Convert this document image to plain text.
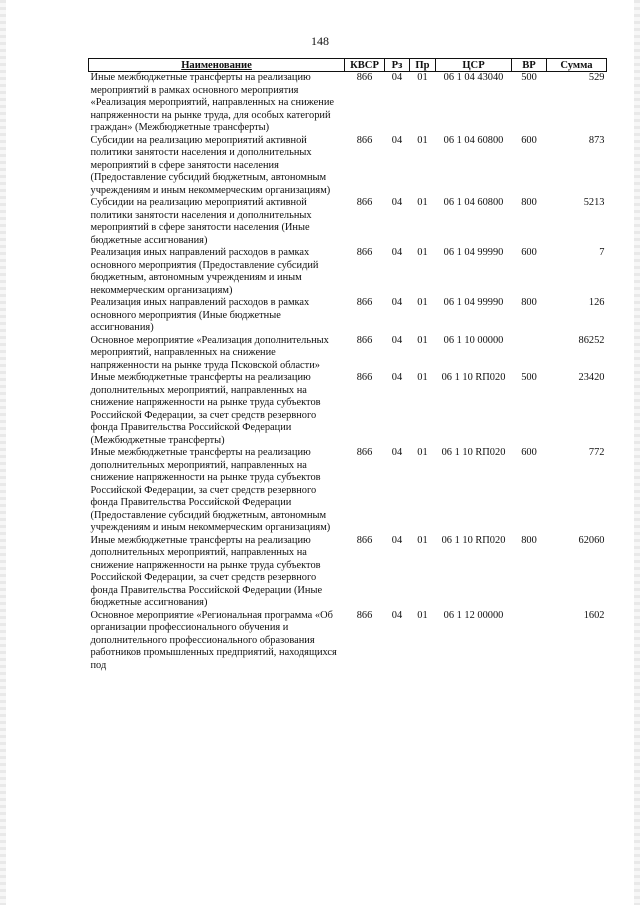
148
Наименование	КВСР	Рз	Пр	ЦСР	ВР	Сумма
Иные межбюджетные трансферты на реализацию мероприятий в рамках основного мероприятия «Реализация мероприятий, направленных на снижение напряженности на рынке труда, для особых категорий граждан» (Межбюджетные трансферты)	866	04	01	06 1 04 43040	500	529
Субсидии на реализацию мероприятий активной политики занятости населения и дополнительных мероприятий в сфере занятости населения (Предоставление субсидий бюджетным, автономным учреждениям и иным некоммерческим организациям)	866	04	01	06 1 04 60800	600	873
Субсидии на реализацию мероприятий активной политики занятости населения и дополнительных мероприятий в сфере занятости населения (Иные бюджетные ассигнования)	866	04	01	06 1 04 60800	800	5213
Реализация иных направлений расходов в рамках основного мероприятия (Предоставление субсидий бюджетным, автономным учреждениям и иным некоммерческим организациям)	866	04	01	06 1 04 99990	600	7
Реализация иных направлений расходов в рамках основного мероприятия (Иные бюджетные ассигнования)	866	04	01	06 1 04 99990	800	126
Основное мероприятие «Реализация дополнительных мероприятий, направленных на снижение напряженности на рынке труда Псковской области»	866	04	01	06 1 10 00000		86252
Иные межбюджетные трансферты на реализацию дополнительных мероприятий, направленных на снижение напряженности на рынке труда субъектов Российской Федерации, за счет средств резервного фонда Правительства Российской Федерации (Межбюджетные трансферты)	866	04	01	06 1 10 RП020	500	23420
Иные межбюджетные трансферты на реализацию дополнительных мероприятий, направленных на снижение напряженности на рынке труда субъектов Российской Федерации, за счет средств резервного фонда Правительства Российской Федерации (Предоставление субсидий бюджетным, автономным учреждениям и иным некоммерческим организациям)	866	04	01	06 1 10 RП020	600	772
Иные межбюджетные трансферты на реализацию дополнительных мероприятий, направленных на снижение напряженности на рынке труда субъектов Российской Федерации, за счет средств резервного фонда Правительства Российской Федерации (Иные бюджетные ассигнования)	866	04	01	06 1 10 RП020	800	62060
Основное мероприятие «Региональная программа «Об организации профессионального обучения и дополнительного профессионального образования работников промышленных предприятий, находящихся под	866	04	01	06 1 12 00000		1602
